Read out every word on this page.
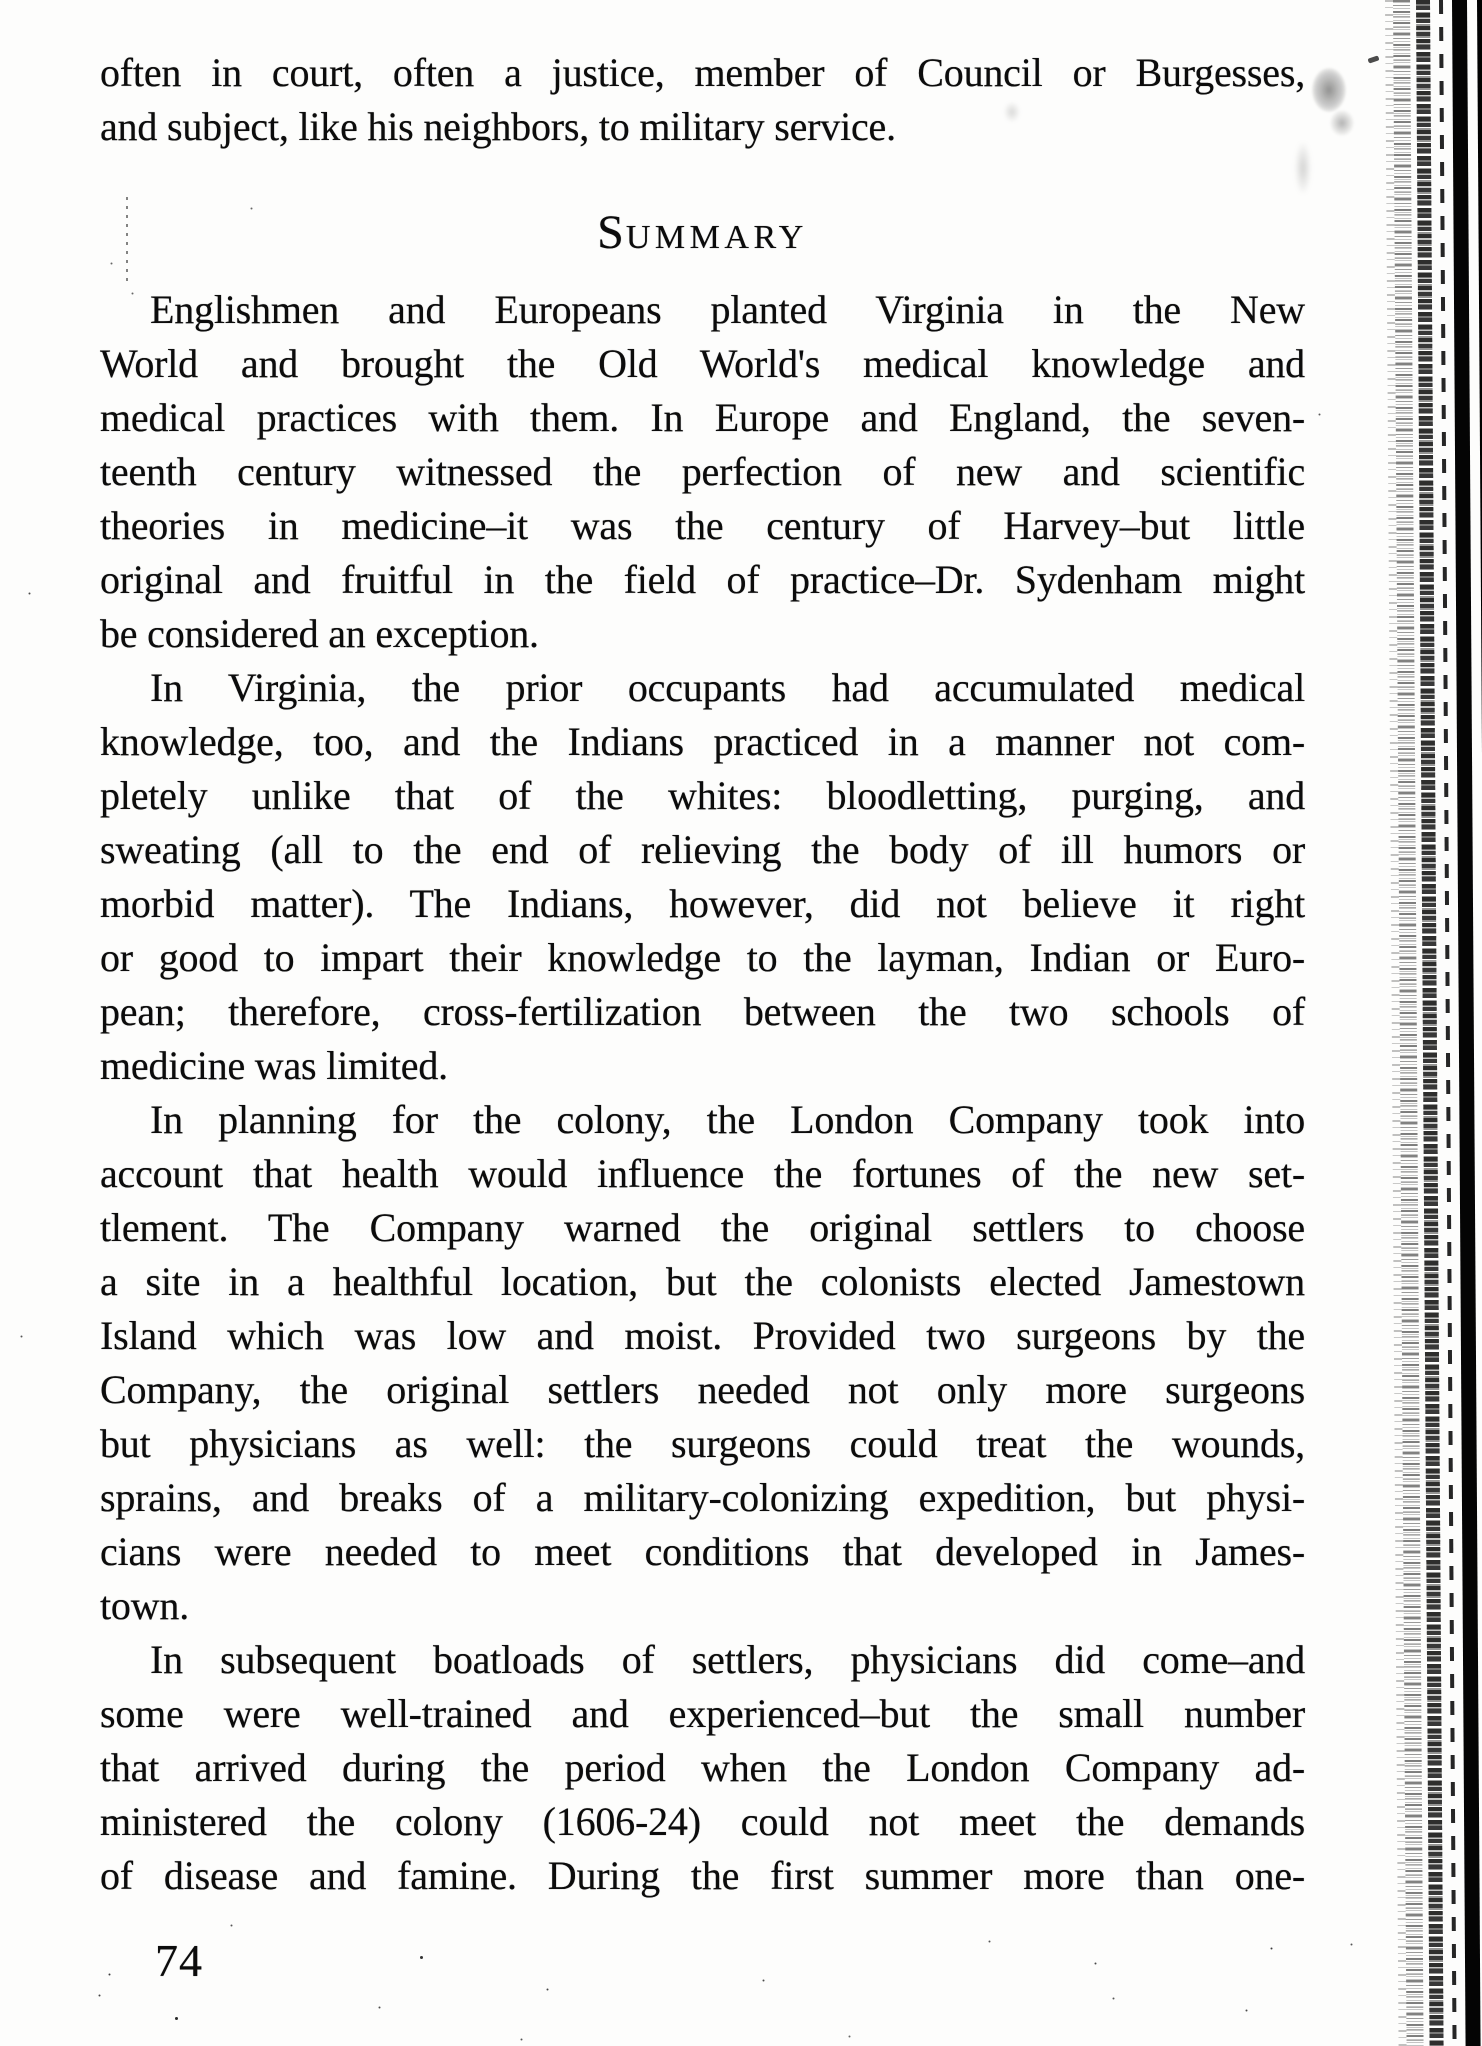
often in court, often a justice, member of Council or Burgesses,
and subject, like his neighbors, to military service.
SUMMARY
Englishmen and Europeans planted Virginia in the New
World and brought the Old World's medical knowledge and
medical practices with them. In Europe and England, the seven-
teenth century witnessed the perfection of new and scientific
theories in medicine–it was the century of Harvey–but little
original and fruitful in the field of practice–Dr. Sydenham might
be considered an exception.
In Virginia, the prior occupants had accumulated medical
knowledge, too, and the Indians practiced in a manner not com-
pletely unlike that of the whites: bloodletting, purging, and
sweating (all to the end of relieving the body of ill humors or
morbid matter). The Indians, however, did not believe it right
or good to impart their knowledge to the layman, Indian or Euro-
pean; therefore, cross-fertilization between the two schools of
medicine was limited.
In planning for the colony, the London Company took into
account that health would influence the fortunes of the new set-
tlement. The Company warned the original settlers to choose
a site in a healthful location, but the colonists elected Jamestown
Island which was low and moist. Provided two surgeons by the
Company, the original settlers needed not only more surgeons
but physicians as well: the surgeons could treat the wounds,
sprains, and breaks of a military-colonizing expedition, but physi-
cians were needed to meet conditions that developed in James-
town.
In subsequent boatloads of settlers, physicians did come–and
some were well-trained and experienced–but the small number
that arrived during the period when the London Company ad-
ministered the colony (1606-24) could not meet the demands
of disease and famine. During the first summer more than one-
74
